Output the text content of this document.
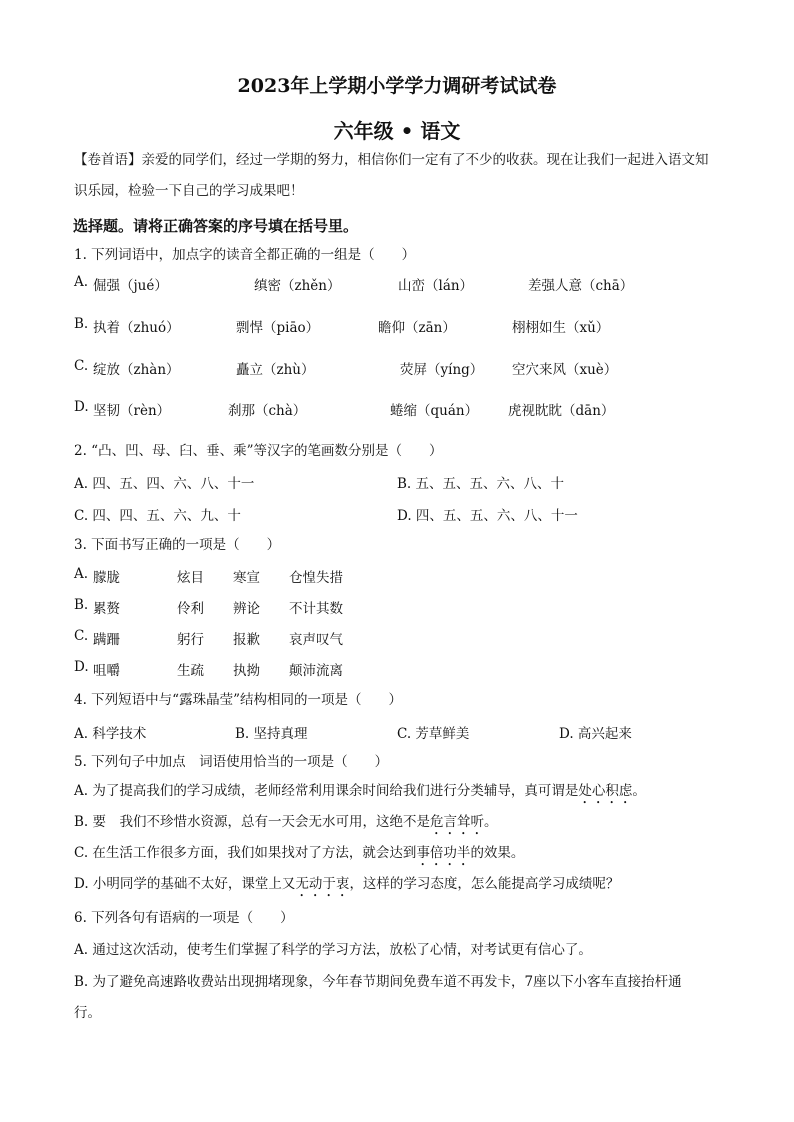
2023年上学期小学学力调研考试试卷
六年级 • 语文
【卷首语】亲爱的同学们，经过一学期的努力，相信你们一定有了不少的收获。现在让我们一起进入语文知
识乐园，检验一下自己的学习成果吧！
选择题。请将正确答案的序号填在括号里。
1. 下列词语中，加点字的读音全都正确的一组是（　　）
A. 倔强（jué）	缜密（zhěn）	山峦（lán）	差强人意（chā）
B. 执着（zhuó）	剽悍（piāo）	瞻仰（zān）	栩栩如生（xǔ）
C. 绽放（zhàn）	矗立（zhù）	荧屏（yíng） 空穴来风（xuè）
D. 坚韧（rèn）	刹那（chà）	蜷缩（quán） 虎视眈眈（dān）
2. “凸、凹、母、臼、垂、乘”等汉字的笔画数分别是（　　）
A. 四、五、四、六、八、十一	B. 五、五、五、六、八、十
C. 四、四、五、六、九、十	D. 四、五、五、六、八、十一
3. 下面书写正确的一项是（　　）
A. 朦胧	炫目 寒宣 仓惶失措
B. 累赘	伶利 辨论 不计其数
C. 蹒跚	躬行 报歉 哀声叹气
D. 咀嚼	生疏 执拗 颠沛流离
4. 下列短语中与“露珠晶莹”结构相同的一项是（　　）
A. 科学技术	B. 坚持真理	C. 芳草鲜美	D. 高兴起来
5. 下列句子中加点　词语使用恰当的一项是（　　）
A. 为了提高我们的学习成绩，老师经常利用课余时间给我们进行分类辅导，真可谓是处心积虑。
B. 要　我们不珍惜水资源，总有一天会无水可用，这绝不是危言耸听。
C. 在生活工作很多方面，我们如果找对了方法，就会达到事倍功半的效果。
D. 小明同学的基础不太好，课堂上又无动于衷，这样的学习态度，怎么能提高学习成绩呢？
6. 下列各句有语病的一项是（　　）
A. 通过这次活动，使考生们掌握了科学的学习方法，放松了心情，对考试更有信心了。
B. 为了避免高速路收费站出现拥堵现象，今年春节期间免费车道不再发卡，7座以下小客车直接抬杆通
行。
